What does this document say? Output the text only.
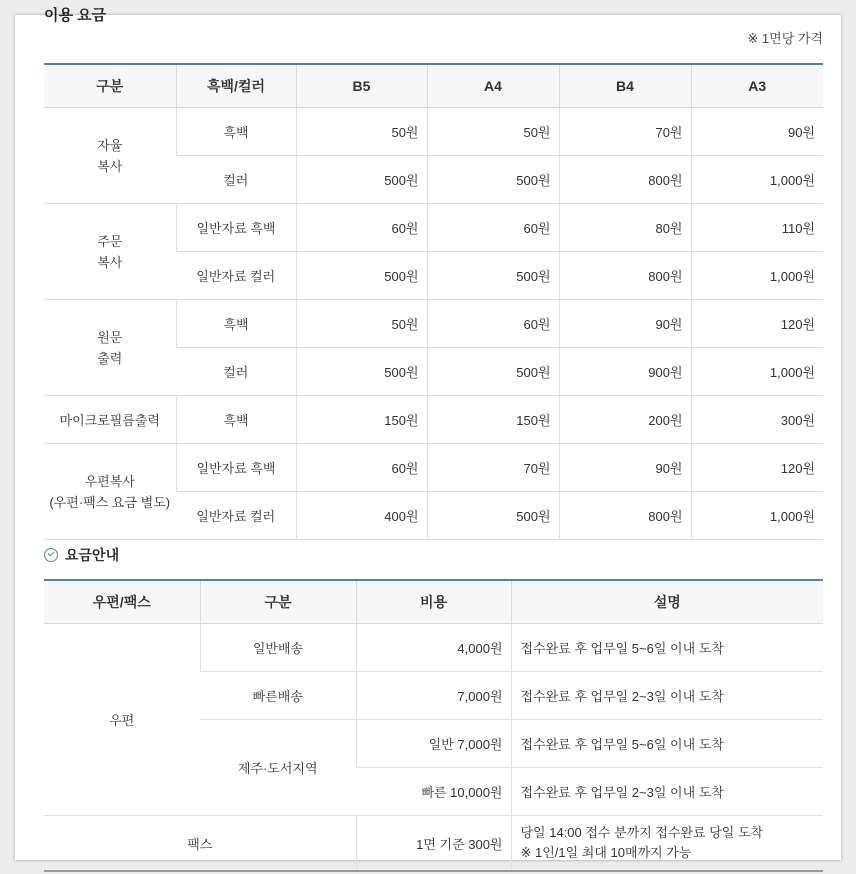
이용 요금
※ 1면당 가격
구분	흑백/컬러	B5	A4	B4	A3
자율
복사	흑백	50원	50원	70원	90원
	컬러	500원	500원	800원	1,000원
주문
복사	일반자료 흑백	60원	60원	80원	110원
	일반자료 컬러	500원	500원	800원	1,000원
원문
출력	흑백	50원	60원	90원	120원
	컬러	500원	500원	900원	1,000원
마이크로필름출력	흑백	150원	150원	200원	300원
우편복사
(우편·팩스 요금 별도)	일반자료 흑백	60원	70원	90원	120원
	일반자료 컬러	400원	500원	800원	1,000원
요금안내
우편/팩스	구분	비용	설명
우편	일반배송	4,000원	접수완료 후 업무일 5~6일 이내 도착
	빠른배송	7,000원	접수완료 후 업무일 2~3일 이내 도착
	제주·도서지역	일반 7,000원	접수완료 후 업무일 5~6일 이내 도착
		빠른 10,000원	접수완료 후 업무일 2~3일 이내 도착
팩스		1면 기준 300원	당일 14:00 접수 분까지 접수완료 당일 도착
※ 1인/1일 최대 10매까지 가능
